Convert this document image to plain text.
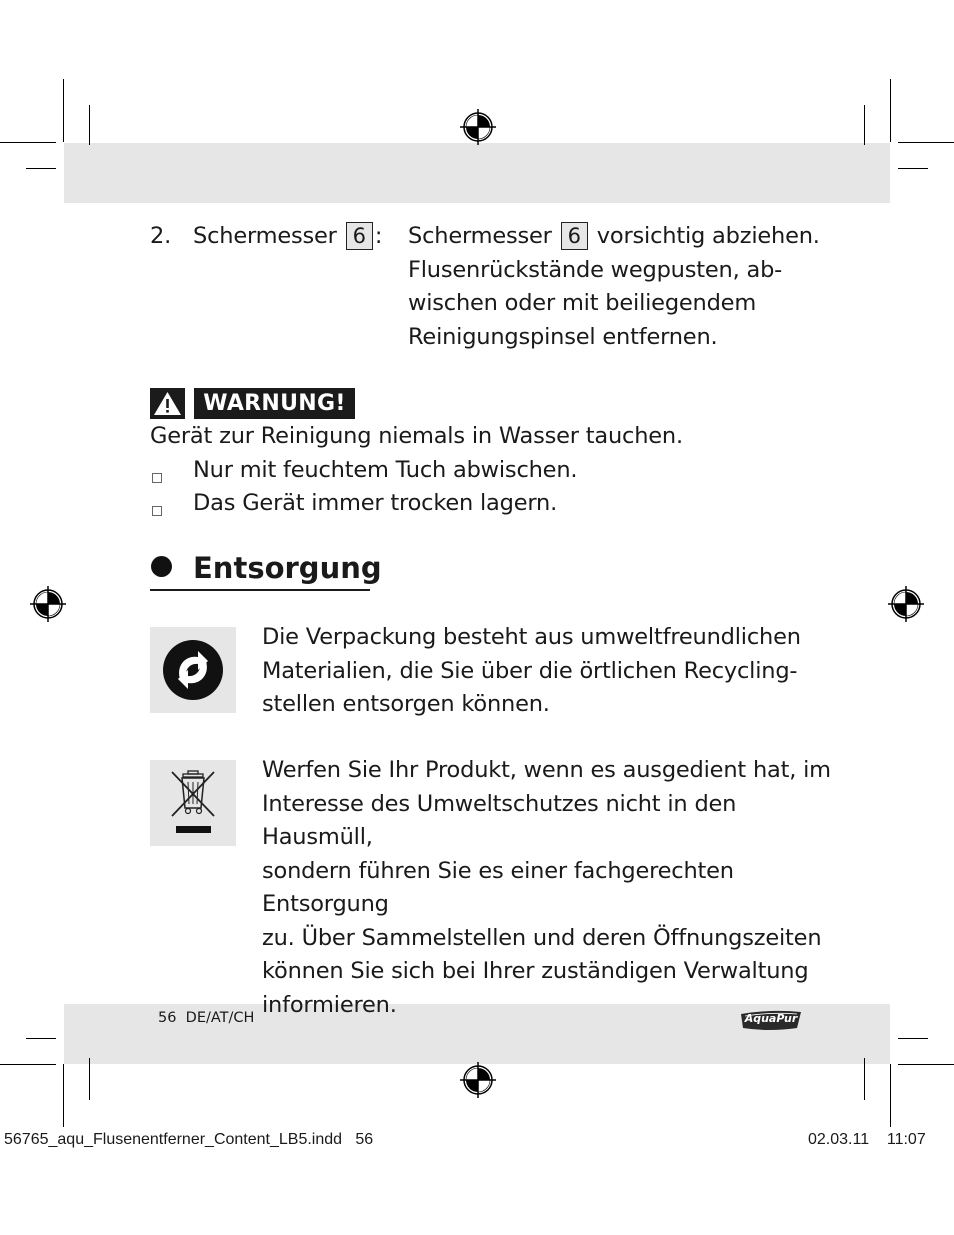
2. Schermesser 6 : Schermesser 6 vorsichtig abziehen.
Flusenrückstände wegpusten, ab-
wischen oder mit beiliegendem
Reinigungspinsel entfernen.
WARNUNG!
Gerät zur Reinigung niemals in Wasser tauchen.
Nur mit feuchtem Tuch abwischen.
Das Gerät immer trocken lagern.
Entsorgung
Die Verpackung besteht aus umweltfreundlichen
Materialien, die Sie über die örtlichen Recycling-
stellen entsorgen können.
Werfen Sie Ihr Produkt, wenn es ausgedient hat, im
Interesse des Umweltschutzes nicht in den Hausmüll,
sondern führen Sie es einer fachgerechten Entsorgung
zu. Über Sammelstellen und deren Öffnungszeiten
können Sie sich bei Ihrer zuständigen Verwaltung
informieren.
56 DE/AT/CH	AquaPur
56765_aqu_Flusenentferner_Content_LB5.indd 56	02.03.11 11:07
